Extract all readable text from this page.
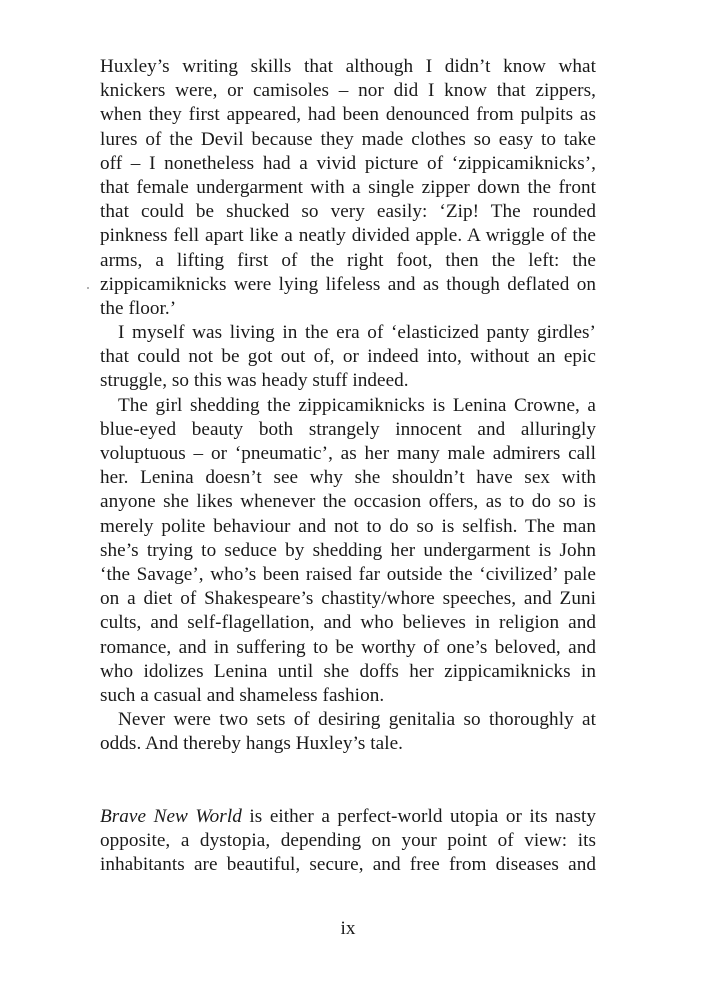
Huxley’s writing skills that although I didn’t know what
knickers were, or camisoles – nor did I know that zippers,
when they first appeared, had been denounced from pulpits as
lures of the Devil because they made clothes so easy to take
off – I nonetheless had a vivid picture of ‘zippicamiknicks’,
that female undergarment with a single zipper down the front
that could be shucked so very easily: ‘Zip! The rounded
pinkness fell apart like a neatly divided apple. A wriggle of the
arms, a lifting first of the right foot, then the left: the
zippicamiknicks were lying lifeless and as though deflated on
the floor.’
I myself was living in the era of ‘elasticized panty girdles’
that could not be got out of, or indeed into, without an epic
struggle, so this was heady stuff indeed.
The girl shedding the zippicamiknicks is Lenina Crowne, a
blue-eyed beauty both strangely innocent and alluringly
voluptuous – or ‘pneumatic’, as her many male admirers call
her. Lenina doesn’t see why she shouldn’t have sex with
anyone she likes whenever the occasion offers, as to do so is
merely polite behaviour and not to do so is selfish. The man
she’s trying to seduce by shedding her undergarment is John
‘the Savage’, who’s been raised far outside the ‘civilized’ pale
on a diet of Shakespeare’s chastity/whore speeches, and Zuni
cults, and self-flagellation, and who believes in religion and
romance, and in suffering to be worthy of one’s beloved, and
who idolizes Lenina until she doffs her zippicamiknicks in
such a casual and shameless fashion.
Never were two sets of desiring genitalia so thoroughly at
odds. And thereby hangs Huxley’s tale.
Brave New World is either a perfect-world utopia or its nasty
opposite, a dystopia, depending on your point of view: its
inhabitants are beautiful, secure, and free from diseases and
ix
